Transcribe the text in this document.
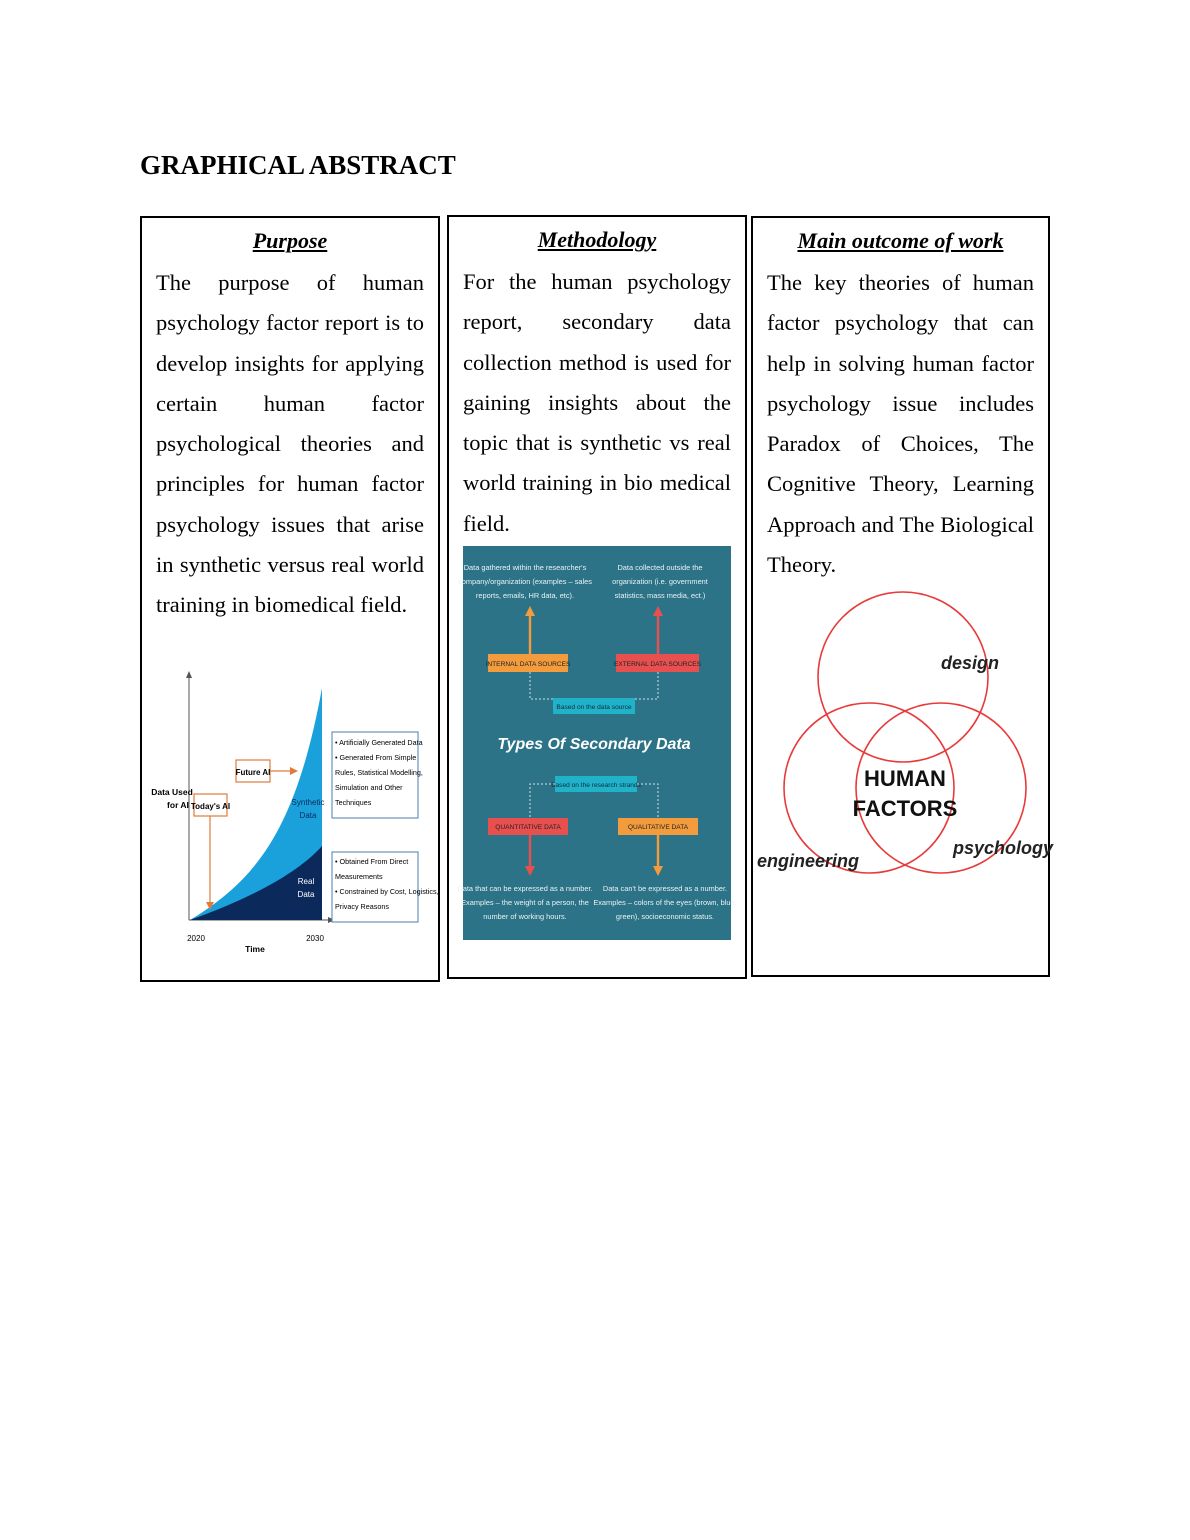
GRAPHICAL ABSTRACT
Purpose
The purpose of human psychology factor report is to develop insights for applying certain human factor psychological theories and principles for human factor psychology issues that arise in synthetic versus real world training in biomedical field.
Data Used
for AI Today's AI
Future AI
Synthetic
Data
Real
Data
2020	2030
Time
• Artificially Generated Data
• Generated From Simple
Rules, Statistical Modelling,
Simulation and Other
Techniques
• Obtained From Direct
Measurements
• Constrained by Cost, Logistics,
Privacy Reasons
Methodology
For the human psychology report, secondary data collection method is used for gaining insights about the topic that is synthetic vs real world training in bio medical field.
Data gathered within the researcher's
company/organization (examples – sales
reports, emails, HR data, etc).
Data collected outside the
organization (i.e. government
statistics, mass media, ect.)
INTERNAL DATA SOURCES	EXTERNAL DATA SOURCES
Based on the data source
Types Of Secondary Data
Based on the research strands
QUANTITATIVE DATA	QUALITATIVE DATA
Data that can be expressed as a number.
Examples – the weight of a person, the
number of working hours.
Data can't be expressed as a number.
Examples – colors of the eyes (brown, blue,
green), socioeconomic status.
Main outcome of work
The key theories of human factor psychology that can help in solving human factor psychology issue includes Paradox of Choices, The Cognitive Theory, Learning Approach and The Biological Theory.
design
psychology
engineering
HUMAN
FACTORS
